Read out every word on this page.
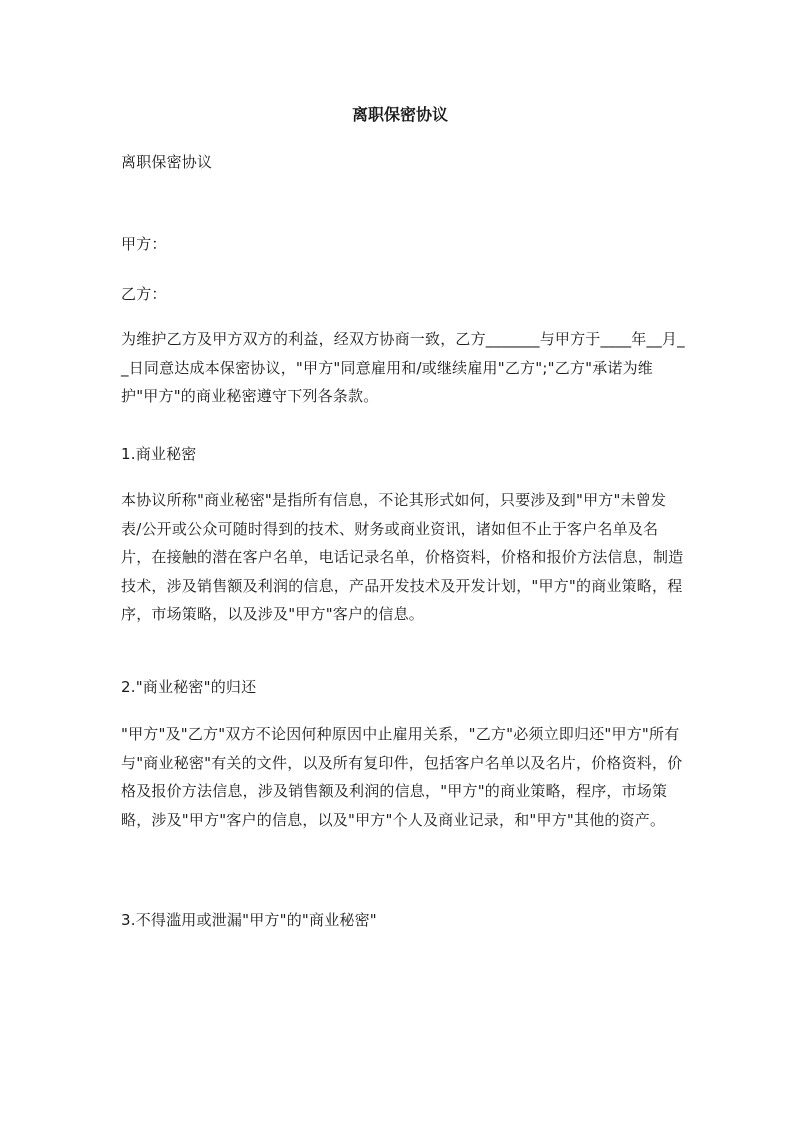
离职保密协议

离职保密协议

甲方：

乙方：

为维护乙方及甲方双方的利益，经双方协商一致，乙方_______与甲方于____年__月__日同意达成本保密协议，"甲方"同意雇用和/或继续雇用"乙方";"乙方"承诺为维护"甲方"的商业秘密遵守下列各条款。

1.商业秘密

本协议所称"商业秘密"是指所有信息，不论其形式如何，只要涉及到"甲方"未曾发表/公开或公众可随时得到的技术、财务或商业资讯，诸如但不止于客户名单及名片，在接触的潜在客户名单，电话记录名单，价格资料，价格和报价方法信息，制造技术，涉及销售额及利润的信息，产品开发技术及开发计划，"甲方"的商业策略，程序，市场策略，以及涉及"甲方"客户的信息。

2."商业秘密"的归还

"甲方"及"乙方"双方不论因何种原因中止雇用关系，"乙方"必须立即归还"甲方"所有与"商业秘密"有关的文件，以及所有复印件，包括客户名单以及名片，价格资料，价格及报价方法信息，涉及销售额及利润的信息，"甲方"的商业策略，程序，市场策略，涉及"甲方"客户的信息，以及"甲方"个人及商业记录，和"甲方"其他的资产。

3.不得滥用或泄漏"甲方"的"商业秘密"
